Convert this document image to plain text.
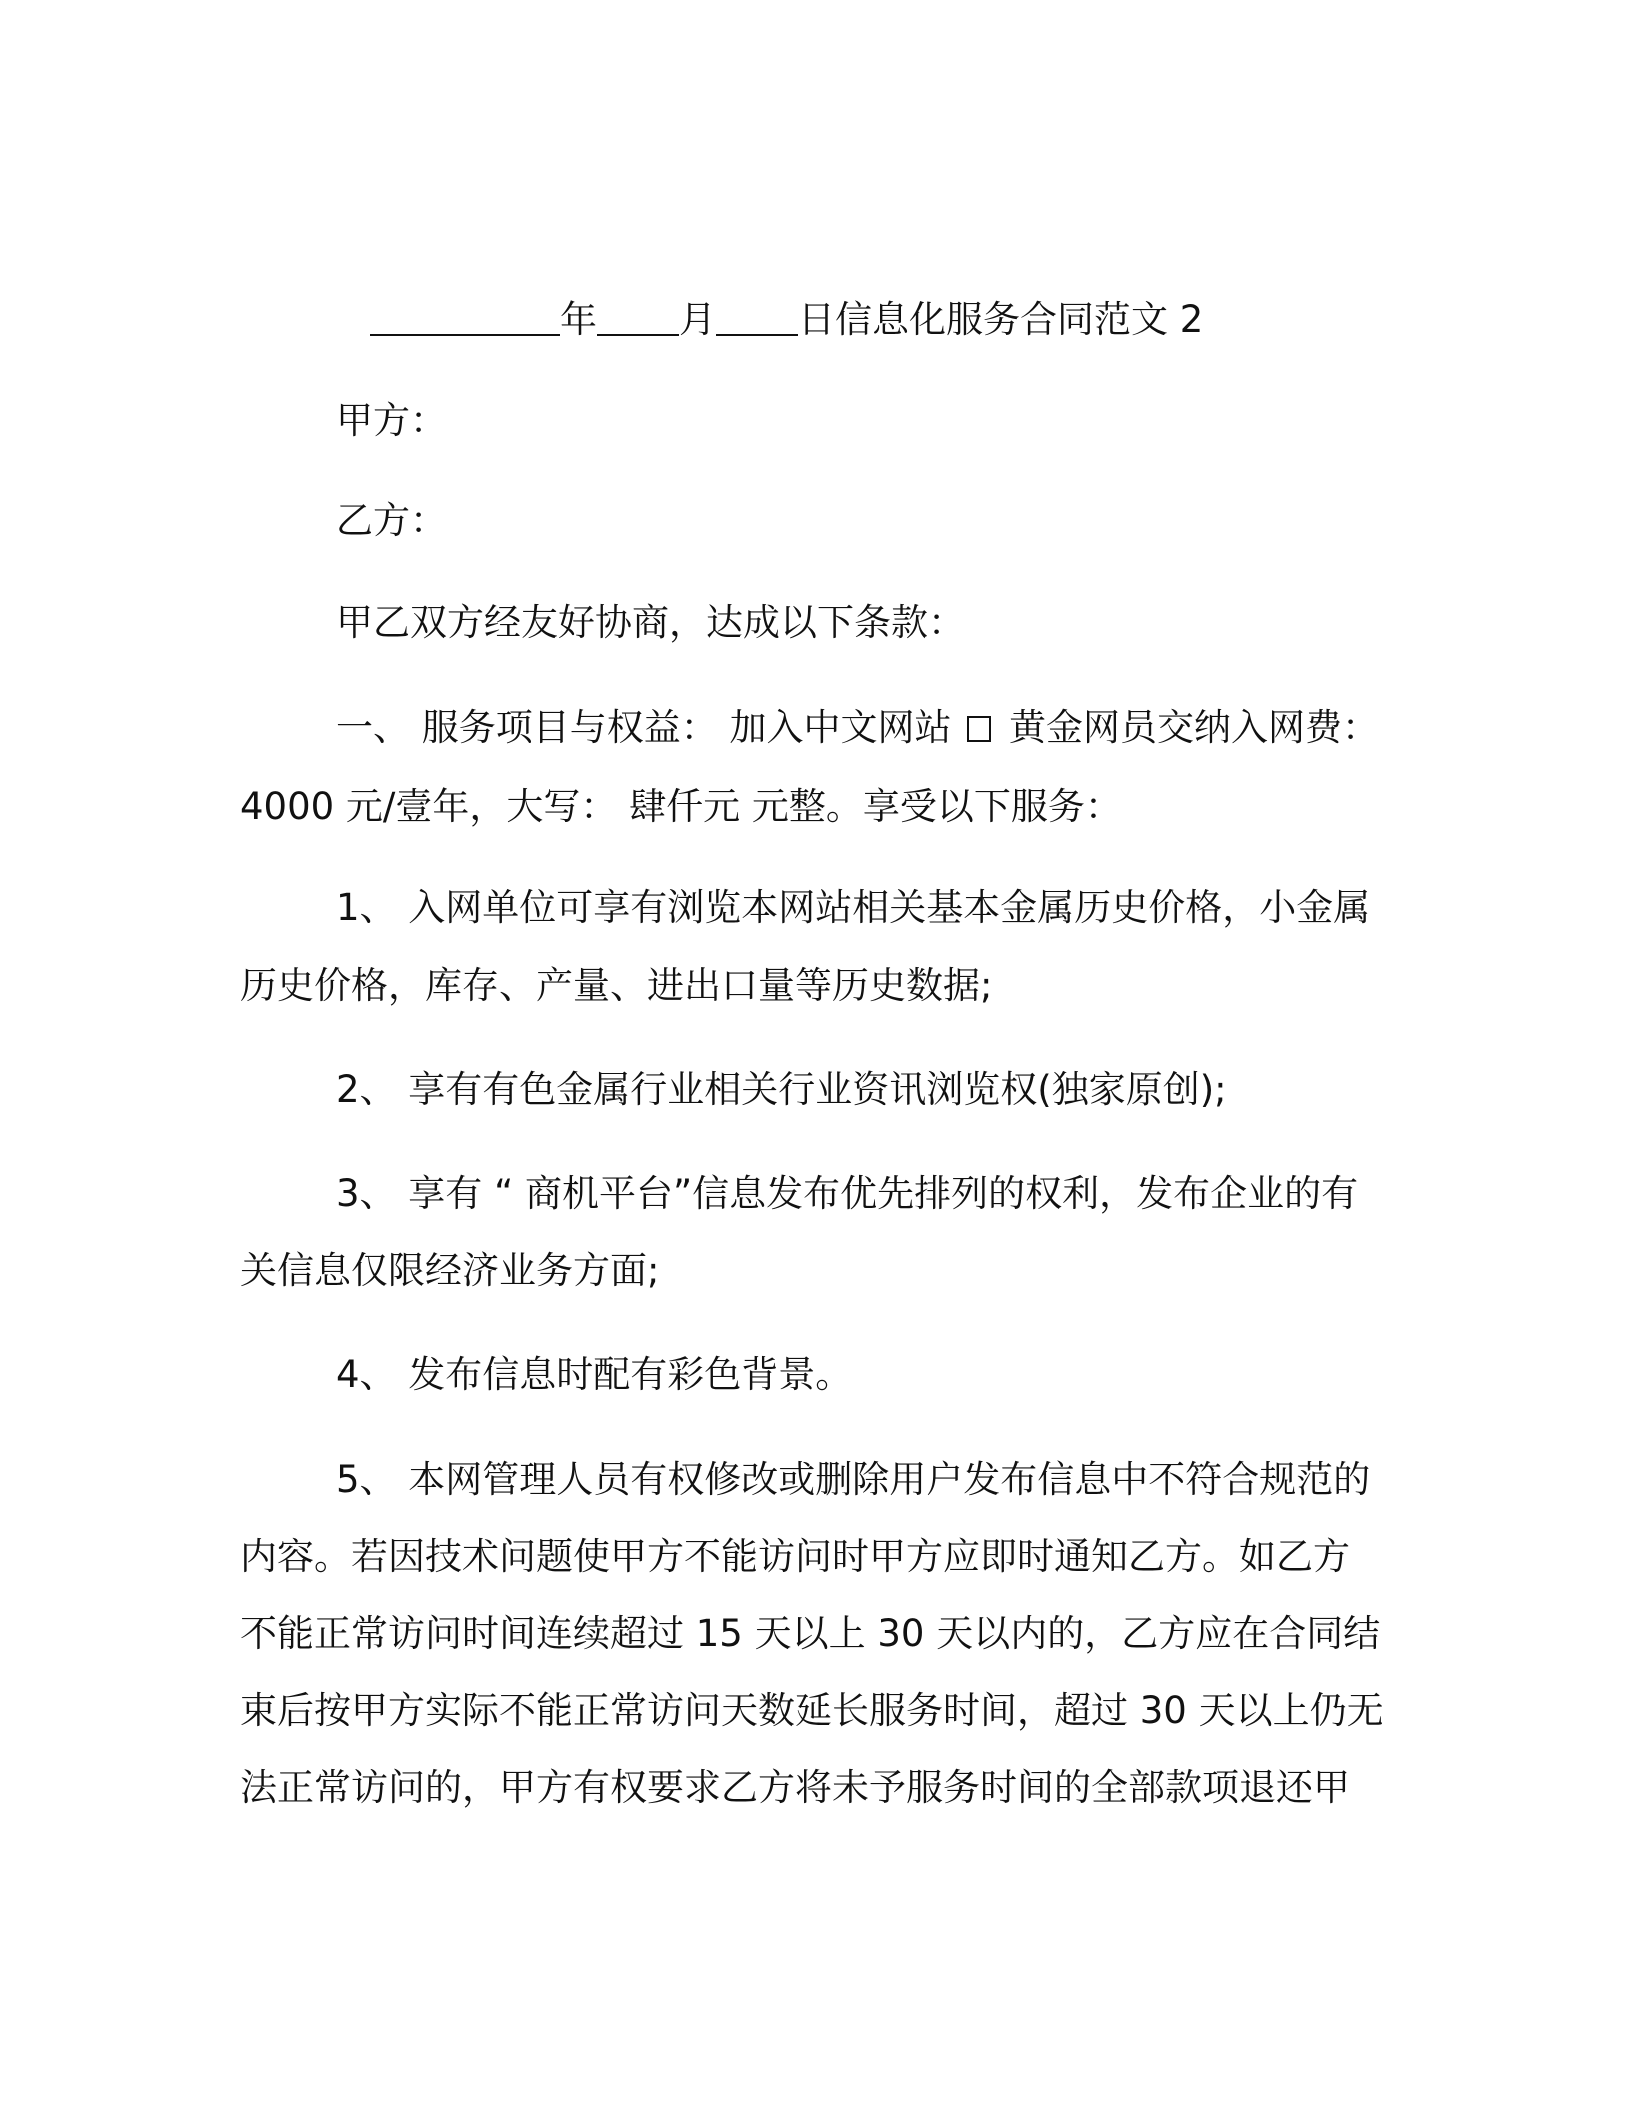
年 月 日信息化服务合同范文 2
甲方：
乙方：
甲乙双方经友好协商，达成以下条款：
一、 服务项目与权益： 加入中文网站  黄金网员交纳入网费：
4000 元/壹年，大写： 肆仟元 元整。享受以下服务：
1、 入网单位可享有浏览本网站相关基本金属历史价格，小金属
历史价格，库存、产量、进出口量等历史数据;
2、 享有有色金属行业相关行业资讯浏览权(独家原创);
3、 享有 “ 商机平台”信息发布优先排列的权利，发布企业的有
关信息仅限经济业务方面;
4、 发布信息时配有彩色背景。
5、 本网管理人员有权修改或删除用户发布信息中不符合规范的
内容。若因技术问题使甲方不能访问时甲方应即时通知乙方。如乙方
不能正常访问时间连续超过 15 天以上 30 天以内的，乙方应在合同结
束后按甲方实际不能正常访问天数延长服务时间，超过 30 天以上仍无
法正常访问的，甲方有权要求乙方将未予服务时间的全部款项退还甲
